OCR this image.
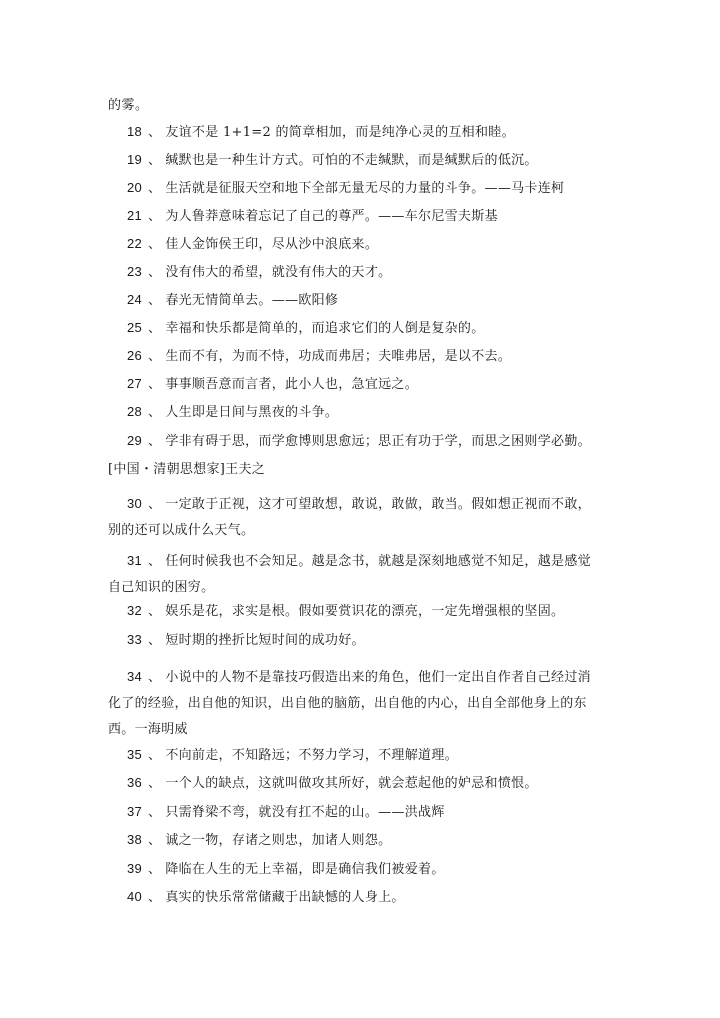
的雾。
18 、 友谊不是 1+1=2 的简章相加，而是纯净心灵的互相和睦。
19 、 缄默也是一种生计方式。可怕的不走缄默，而是缄默后的低沉。
20 、 生活就是征服天空和地下全部无量无尽的力量的斗争。——马卡连柯
21 、 为人鲁莽意味着忘记了自己的尊严。——车尔尼雪夫斯基
22 、 佳人金饰侯王印，尽从沙中浪底来。
23 、 没有伟大的希望，就没有伟大的天才。
24 、 春光无情简单去。——欧阳修
25 、 幸福和快乐都是简单的，而追求它们的人倒是复杂的。
26 、 生而不有，为而不恃，功成而弗居；夫唯弗居，是以不去。
27 、 事事顺吾意而言者，此小人也，急宜远之。
28 、 人生即是日间与黑夜的斗争。
29 、 学非有碍于思，而学愈博则思愈远；思正有功于学，而思之困则学必勤。
[中国・清朝思想家]王夫之
30 、 一定敢于正视，这才可望敢想，敢说，敢做，敢当。假如想正视而不敢，别的还可以成什么天气。
31 、 任何时候我也不会知足。越是念书，就越是深刻地感觉不知足，越是感觉自己知识的困穷。
32 、 娱乐是花，求实是根。假如要赏识花的漂亮，一定先增强根的坚固。
33 、 短时期的挫折比短时间的成功好。
34 、 小说中的人物不是靠技巧假造出来的角色，他们一定出自作者自己经过消化了的经验，出自他的知识，出自他的脑筋，出自他的内心，出自全部他身上的东西。一海明威
35 、 不向前走，不知路远；不努力学习，不理解道理。
36 、 一个人的缺点，这就叫做攻其所好，就会惹起他的妒忌和愤恨。
37 、 只需脊梁不弯，就没有扛不起的山。——洪战辉
38 、 诚之一物，存诸之则忠，加诸人则怨。
39 、 降临在人生的无上幸福，即是确信我们被爱着。
40 、 真实的快乐常常储藏于出缺憾的人身上。
